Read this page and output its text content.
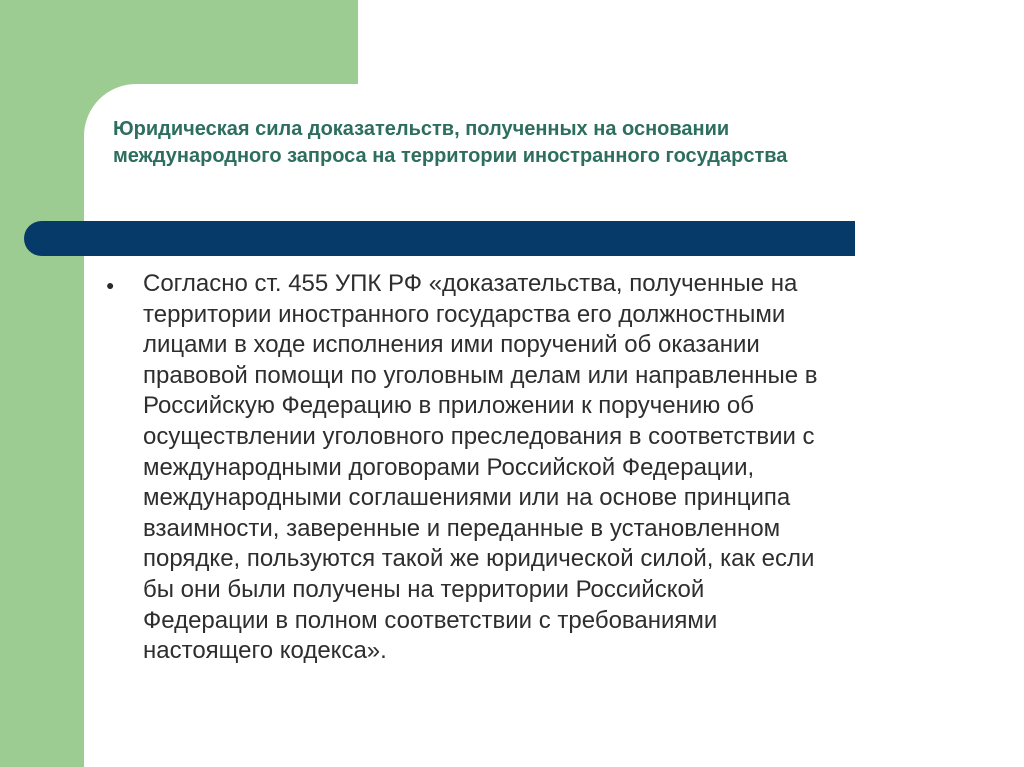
Юридическая сила доказательств, полученных на основании международного запроса на территории иностранного государства
● Согласно ст. 455 УПК РФ «доказательства, полученные на
территории иностранного государства его должностными
лицами в ходе исполнения ими поручений об оказании
правовой помощи по уголовным делам или направленные в
Российскую Федерацию в приложении к поручению об
осуществлении уголовного преследования в соответствии с
международными договорами Российской Федерации,
международными соглашениями или на основе принципа
взаимности, заверенные и переданные в установленном
порядке, пользуются такой же юридической силой, как если
бы они были получены на территории Российской
Федерации в полном соответствии с требованиями
настоящего кодекса».
